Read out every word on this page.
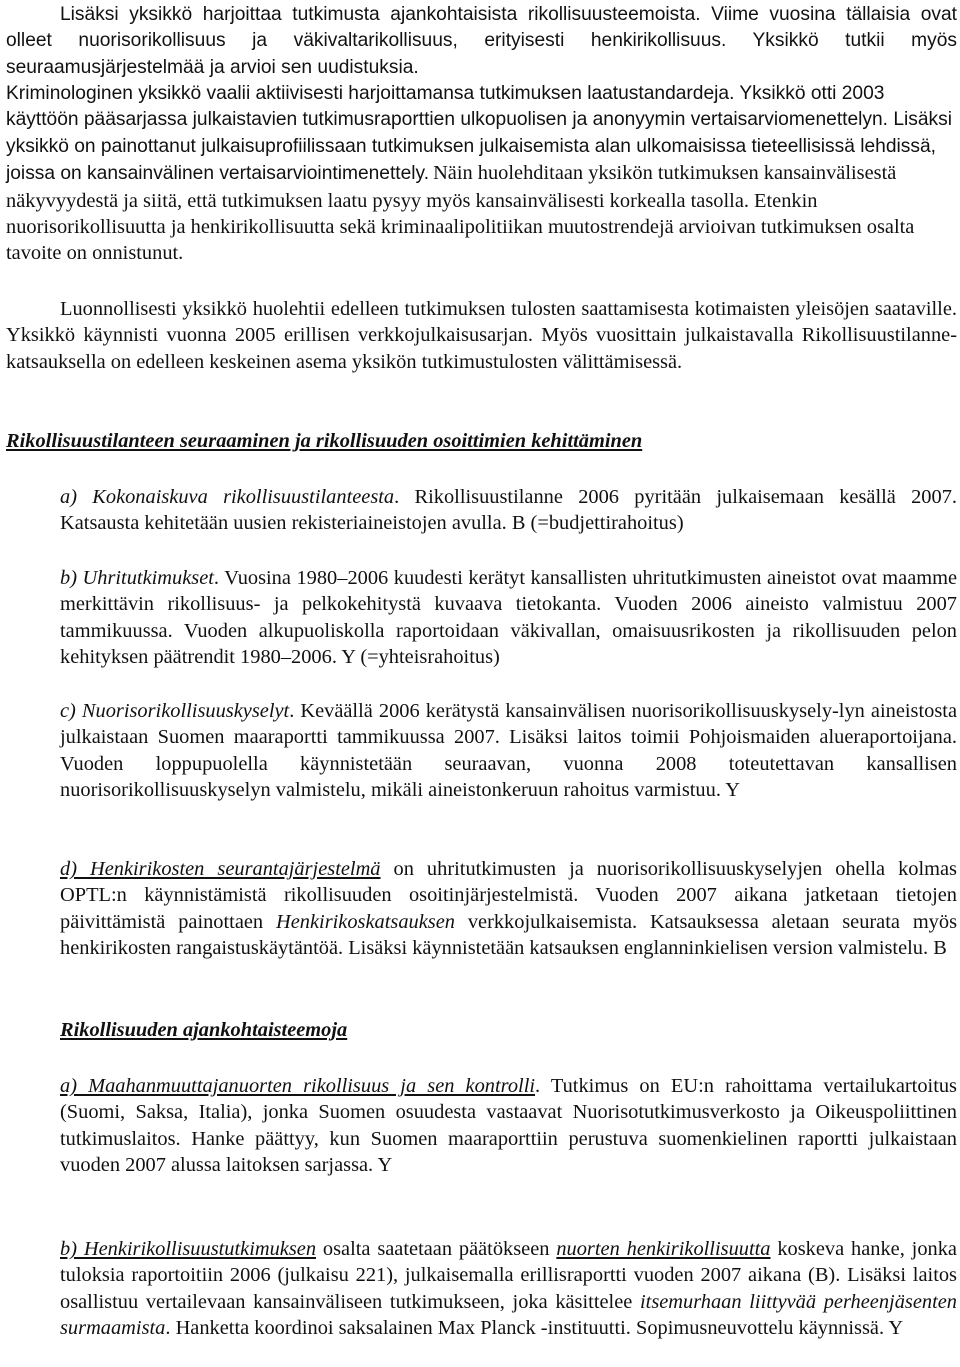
Lisäksi yksikkö harjoittaa tutkimusta ajankohtaisista rikollisuusteemoista. Viime vuosina tällaisia ovat olleet nuorisorikollisuus ja väkivaltarikollisuus, erityisesti henkirikollisuus. Yksikkö tutkii myös seuraamusjärjestelmää ja arvioi sen uudistuksia.

Kriminologinen yksikkö vaalii aktiivisesti harjoittamansa tutkimuksen laatustandardeja. Yksikkö otti 2003 käyttöön pääsarjassa julkaistavien tutkimusraporttien ulkopuolisen ja anonyymin vertaisarviomenettelyn. Lisäksi yksikkö on painottanut julkaisuprofiilissaan tutkimuksen julkaisemista alan ulkomaisissa tieteellisissä lehdissä, joissa on kansainvälinen vertaisarviointimenettely. Näin huolehditaan yksikön tutkimuksen kansainvälisestä näkyvyydestä ja siitä, että tutkimuksen laatu pysyy myös kansainvälisesti korkealla tasolla. Etenkin nuorisorikollisuutta ja henkirikollisuutta sekä kriminaalipolitiikan muutostrendejä arvioivan tutkimuksen osalta tavoite on onnistunut.

Luonnollisesti yksikkö huolehtii edelleen tutkimuksen tulosten saattamisesta kotimaisten yleisöjen saataville. Yksikkö käynnisti vuonna 2005 erillisen verkkojulkaisusarjan. Myös vuosittain julkaistavalla Rikollisuustilanne-katsauksella on edelleen keskeinen asema yksikön tutkimustulosten välittämisessä.

Rikollisuustilanteen seuraaminen ja rikollisuuden osoittimien kehittäminen

a) Kokonaiskuva rikollisuustilanteesta. Rikollisuustilanne 2006 pyritään julkaisemaan kesällä 2007. Katsausta kehitetään uusien rekisteriaineistojen avulla. B (=budjettirahoitus)

b) Uhritutkimukset. Vuosina 1980–2006 kuudesti kerätyt kansallisten uhritutkimusten aineistot ovat maamme merkittävin rikollisuus- ja pelkokehitystä kuvaava tietokanta. Vuoden 2006 aineisto valmistuu 2007 tammikuussa. Vuoden alkupuoliskolla raportoidaan väkivallan, omaisuusrikosten ja rikollisuuden pelon kehityksen päätrendit 1980–2006. Y (=yhteisrahoitus)

c) Nuorisorikollisuuskyselyt. Keväällä 2006 kerätystä kansainvälisen nuorisorikollisuuskysely-lyn aineistosta julkaistaan Suomen maaraportti tammikuussa 2007. Lisäksi laitos toimii Pohjoismaiden alueraportoijana. Vuoden loppupuolella käynnistetään seuraavan, vuonna 2008 toteutettavan kansallisen nuorisorikollisuuskyselyn valmistelu, mikäli aineistonkeruun rahoitus varmistuu. Y

d) Henkirikosten seurantajärjestelmä on uhritutkimusten ja nuorisorikollisuuskyselyjen ohella kolmas OPTL:n käynnistämistä rikollisuuden osoitinjärjestelmistä. Vuoden 2007 aikana jatketaan tietojen päivittämistä painottaen Henkirikoskatsauksen verkkojulkaisemista. Katsauksessa aletaan seurata myös henkirikosten rangaistuskäytäntöä. Lisäksi käynnistetään katsauksen englanninkielisen version valmistelu. B

Rikollisuuden ajankohtaisteemoja

a) Maahanmuuttajanuorten rikollisuus ja sen kontrolli. Tutkimus on EU:n rahoittama vertailukartoitus (Suomi, Saksa, Italia), jonka Suomen osuudesta vastaavat Nuorisotutkimusverkosto ja Oikeuspoliittinen tutkimuslaitos. Hanke päättyy, kun Suomen maaraporttiin perustuva suomenkielinen raportti julkaistaan vuoden 2007 alussa laitoksen sarjassa. Y

b) Henkirikollisuustutkimuksen osalta saatetaan päätökseen nuorten henkirikollisuutta koskeva hanke, jonka tuloksia raportoitiin 2006 (julkaisu 221), julkaisemalla erillisraportti vuoden 2007 aikana (B). Lisäksi laitos osallistuu vertailevaan kansainväliseen tutkimukseen, joka käsittelee itsemurhaan liittyvää perheenjäsenten surmaamista. Hanketta koordinoi saksalainen Max Planck -instituutti. Sopimusneuvottelu käynnissä. Y
